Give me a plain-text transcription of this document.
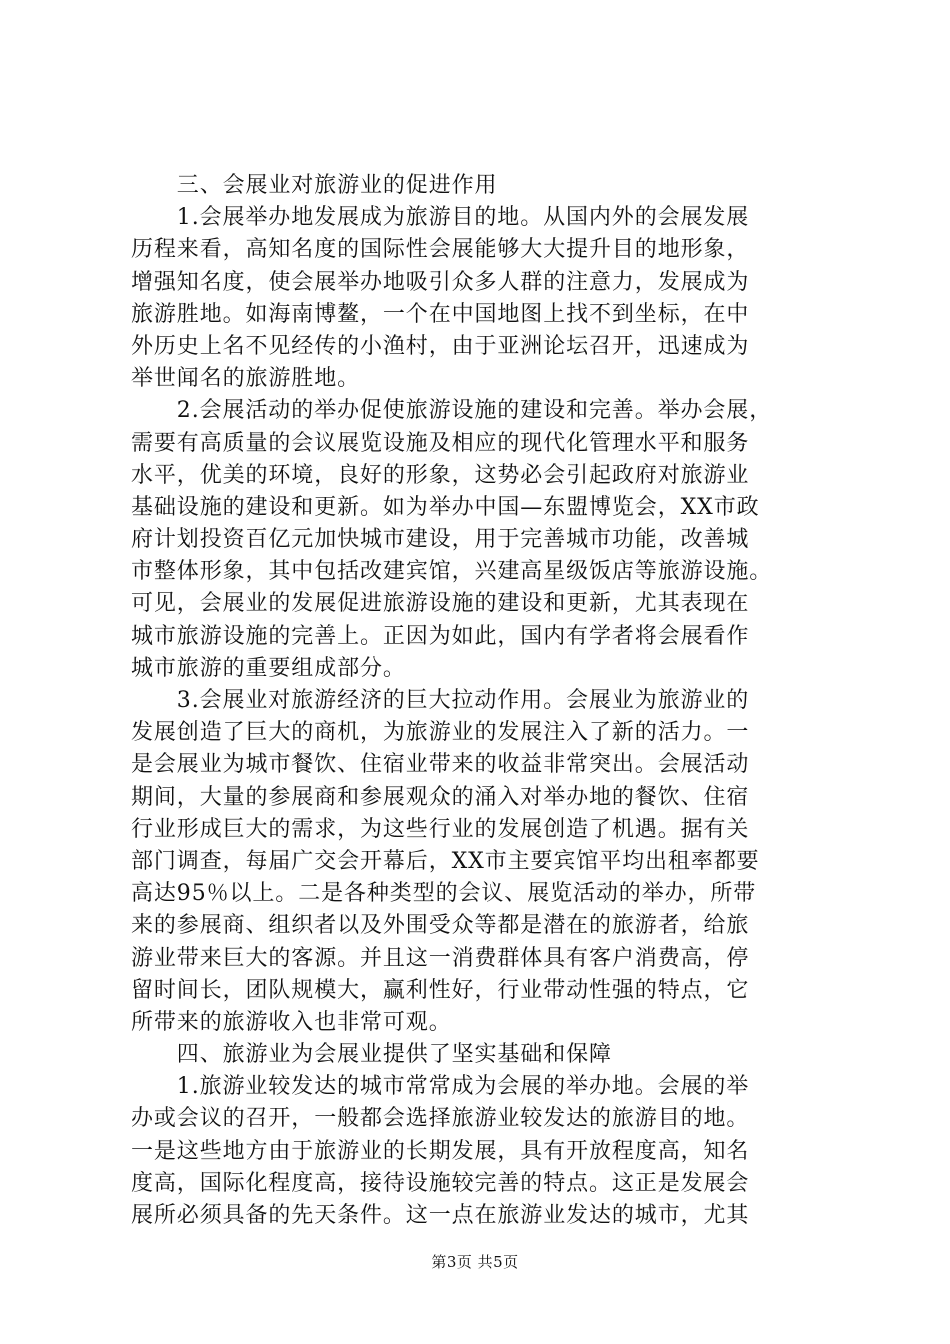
　　三、会展业对旅游业的促进作用
　　1.会展举办地发展成为旅游目的地。从国内外的会展发展
历程来看，高知名度的国际性会展能够大大提升目的地形象，
增强知名度，使会展举办地吸引众多人群的注意力，发展成为
旅游胜地。如海南博鳌，一个在中国地图上找不到坐标，在中
外历史上名不见经传的小渔村，由于亚洲论坛召开，迅速成为
举世闻名的旅游胜地。
　　2.会展活动的举办促使旅游设施的建设和完善。举办会展，
需要有高质量的会议展览设施及相应的现代化管理水平和服务
水平，优美的环境，良好的形象，这势必会引起政府对旅游业
基础设施的建设和更新。如为举办中国—东盟博览会，XX市政
府计划投资百亿元加快城市建设，用于完善城市功能，改善城
市整体形象，其中包括改建宾馆，兴建高星级饭店等旅游设施。
可见，会展业的发展促进旅游设施的建设和更新，尤其表现在
城市旅游设施的完善上。正因为如此，国内有学者将会展看作
城市旅游的重要组成部分。
　　3.会展业对旅游经济的巨大拉动作用。会展业为旅游业的
发展创造了巨大的商机，为旅游业的发展注入了新的活力。一
是会展业为城市餐饮、住宿业带来的收益非常突出。会展活动
期间，大量的参展商和参展观众的涌入对举办地的餐饮、住宿
行业形成巨大的需求，为这些行业的发展创造了机遇。据有关
部门调查，每届广交会开幕后，XX市主要宾馆平均出租率都要
高达95％以上。二是各种类型的会议、展览活动的举办，所带
来的参展商、组织者以及外围受众等都是潜在的旅游者，给旅
游业带来巨大的客源。并且这一消费群体具有客户消费高，停
留时间长，团队规模大，赢利性好，行业带动性强的特点，它
所带来的旅游收入也非常可观。
　　四、旅游业为会展业提供了坚实基础和保障
　　1.旅游业较发达的城市常常成为会展的举办地。会展的举
办或会议的召开，一般都会选择旅游业较发达的旅游目的地。
一是这些地方由于旅游业的长期发展，具有开放程度高，知名
度高，国际化程度高，接待设施较完善的特点。这正是发展会
展所必须具备的先天条件。这一点在旅游业发达的城市，尤其
第3页 共5页
